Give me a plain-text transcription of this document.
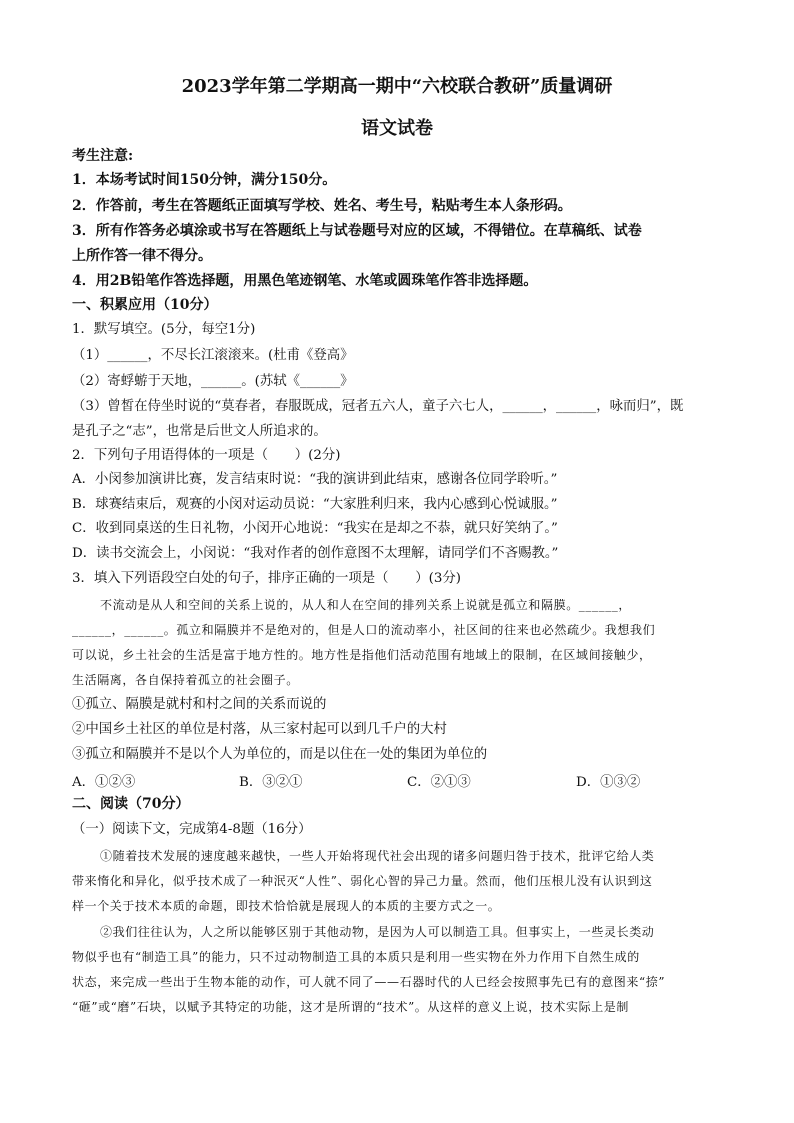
2023学年第二学期高一期中“六校联合教研”质量调研
语文试卷
考生注意:
1．本场考试时间150分钟，满分150分。
2．作答前，考生在答题纸正面填写学校、姓名、考生号，粘贴考生本人条形码。
3．所有作答务必填涂或书写在答题纸上与试卷题号对应的区域，不得错位。在草稿纸、试卷
上所作答一律不得分。
4．用2B铅笔作答选择题，用黑色笔迹钢笔、水笔或圆珠笔作答非选择题。
一、积累应用（10分）
1．默写填空。(5分，每空1分)
（1）______，不尽长江滚滚来。(杜甫《登高》
（2）寄蜉蝣于天地，______。(苏轼《______》
（3）曾皙在侍坐时说的“莫春者，春服既成，冠者五六人，童子六七人，______，______，咏而归”，既
是孔子之“志”，也常是后世文人所追求的。
2．下列句子用语得体的一项是（　　）(2分)
A．小闵参加演讲比赛，发言结束时说：“我的演讲到此结束，感谢各位同学聆听。”
B．球赛结束后，观赛的小闵对运动员说：“大家胜利归来，我内心感到心悦诚服。”
C．收到同桌送的生日礼物，小闵开心地说：“我实在是却之不恭，就只好笑纳了。”
D．读书交流会上，小闵说：“我对作者的创作意图不太理解，请同学们不吝赐教。”
3．填入下列语段空白处的句子，排序正确的一项是（　　）(3分)
不流动是从人和空间的关系上说的，从人和人在空间的排列关系上说就是孤立和隔膜。______，
______，______。孤立和隔膜并不是绝对的，但是人口的流动率小，社区间的往来也必然疏少。我想我们
可以说，乡土社会的生活是富于地方性的。地方性是指他们活动范围有地域上的限制，在区域间接触少，
生活隔离，各自保持着孤立的社会圈子。
①孤立、隔膜是就村和村之间的关系而说的
②中国乡土社区的单位是村落，从三家村起可以到几千户的大村
③孤立和隔膜并不是以个人为单位的，而是以住在一处的集团为单位的
A．①②③	B．③②①	C．②①③	D．①③②
二、阅读（70分）
（一）阅读下文，完成第4-8题（16分）
①随着技术发展的速度越来越快，一些人开始将现代社会出现的诸多问题归咎于技术，批评它给人类
带来惰化和异化，似乎技术成了一种泯灭“人性”、弱化心智的异己力量。然而，他们压根儿没有认识到这
样一个关于技术本质的命题，即技术恰恰就是展现人的本质的主要方式之一。
②我们往往认为，人之所以能够区别于其他动物，是因为人可以制造工具。但事实上，一些灵长类动
物似乎也有“制造工具”的能力，只不过动物制造工具的本质只是利用一些实物在外力作用下自然生成的
状态，来完成一些出于生物本能的动作，可人就不同了——石器时代的人已经会按照事先已有的意图来“捺”
“砸”或“磨”石块，以赋予其特定的功能，这才是所谓的“技术”。从这样的意义上说，技术实际上是制
